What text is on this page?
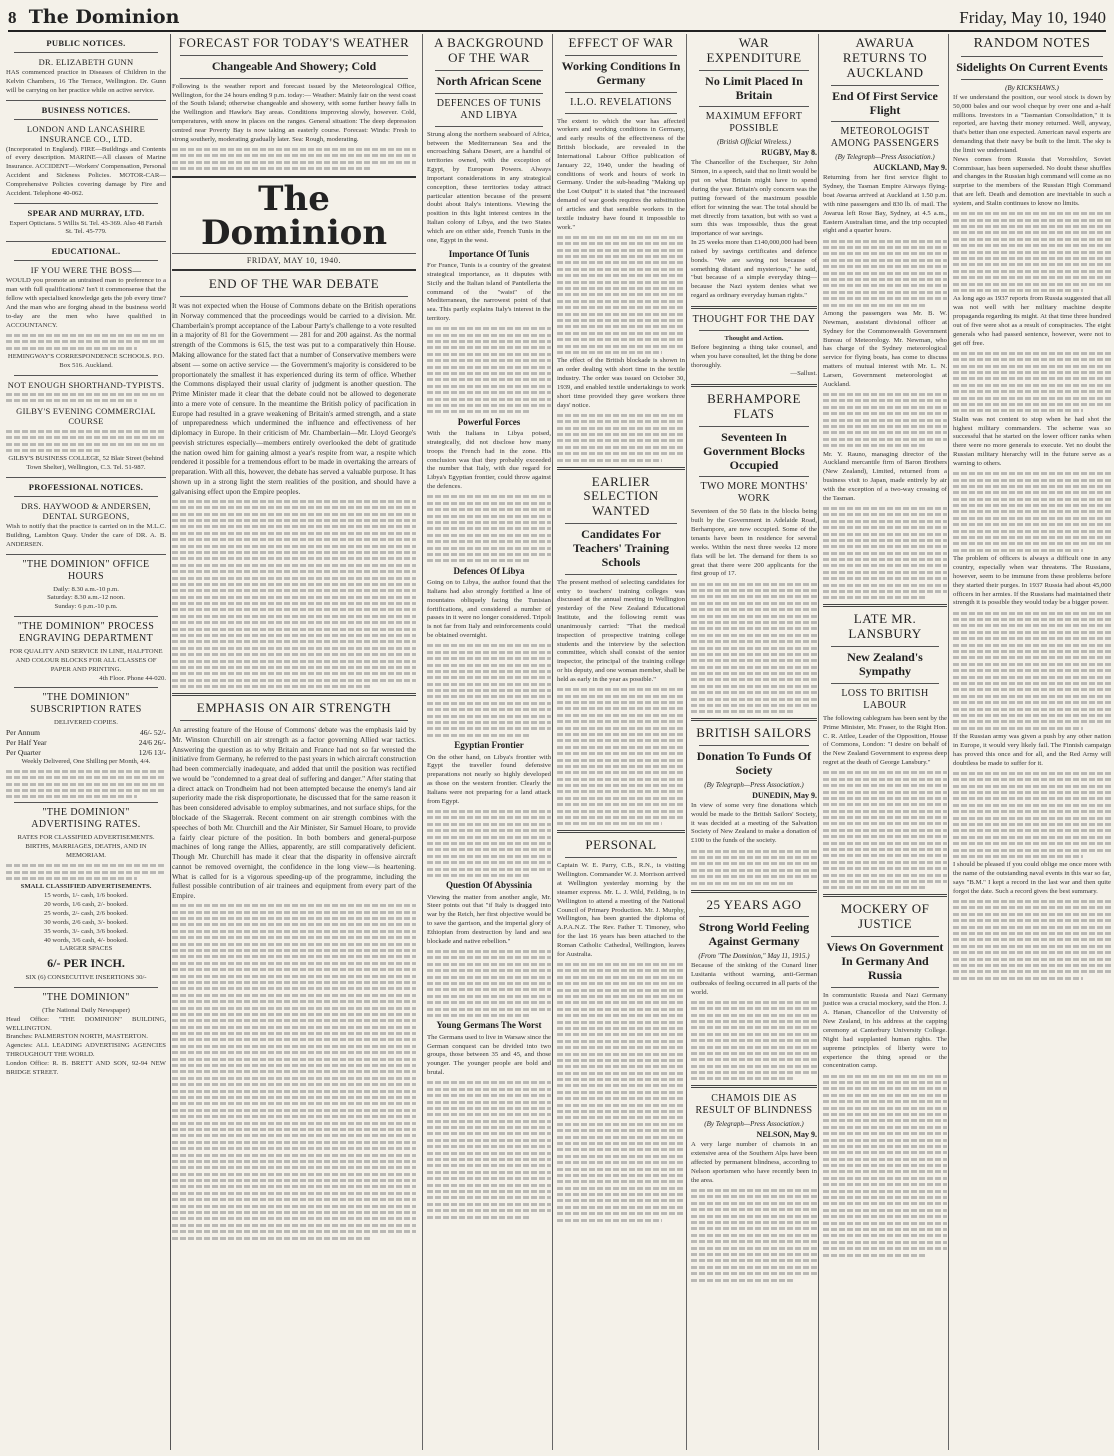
8 The Dominion	Friday, May 10, 1940
PUBLIC NOTICES.
DR. ELIZABETH GUNN
HAS commenced practice in Diseases of Children in the Kelvin Chambers, 16 The Terrace, Wellington. Dr. Gunn will be carrying on her practice while on active service.
BUSINESS NOTICES.
LONDON AND LANCASHIRE INSURANCE CO., LTD.
(Incorporated in England). FIRE—Buildings and Contents of every description. MARINE—All classes of Marine Insurance. ACCIDENT—Workers' Compensation, Personal Accident and Sickness Policies. MOTOR-CAR—Comprehensive Policies covering damage by Fire and Accident. Telephone 40-062.
SPEAR AND MURRAY, LTD.
Expert Opticians. 5 Willis St. Tel. 43-369. Also 48 Farish St. Tel. 45-779.
EDUCATIONAL.
IF YOU WERE THE BOSS—
WOULD you promote an untrained man to preference to a man with full qualifications? Isn't it commonsense that the fellow with specialised knowledge gets the job every time? And the man who are forging ahead in the business world to-day are the men who have qualified in ACCOUNTANCY.
HEMINGWAY'S CORRESPONDENCE SCHOOLS. P.O. Box 516. Auckland.
NOT ENOUGH SHORTHAND-TYPISTS.
GILBY'S EVENING COMMERCIAL COURSE
GILBY'S BUSINESS COLLEGE, 52 Blair Street (behind Town Shelter), Wellington, C.3. Tel. 51-987.
PROFESSIONAL NOTICES.
DRS. HAYWOOD & ANDERSEN, DENTAL SURGEONS,
Wish to notify that the practice is carried on in the M.L.C. Building, Lambton Quay. Under the care of DR. A. B. ANDERSEN.
"THE DOMINION" OFFICE HOURS
Daily: 8.30 a.m.-10 p.m.
Saturday: 8.30 a.m.-12 noon.
Sunday: 6 p.m.-10 p.m.
"THE DOMINION" PROCESS ENGRAVING DEPARTMENT
FOR QUALITY AND SERVICE IN LINE, HALFTONE AND COLOUR BLOCKS FOR ALL CLASSES OF PAPER AND PRINTING.
4th Floor. Phone 44-020.
"THE DOMINION" SUBSCRIPTION RATES
DELIVERED COPIES.
Per Annum	46/- 52/-
Per Half Year	24/6 26/-
Per Quarter	12/6 13/-
Weekly Delivered, One Shilling per Month, 4/4.
"THE DOMINION" ADVERTISING RATES.
RATES FOR CLASSIFIED ADVERTISEMENTS.
BIRTHS, MARRIAGES, DEATHS, AND IN MEMORIAM.
SMALL CLASSIFIED ADVERTISEMENTS.
15 words, 1/- cash, 1/6 booked.
20 words, 1/6 cash, 2/- booked.
25 words, 2/- cash, 2/6 booked.
30 words, 2/6 cash, 3/- booked.
35 words, 3/- cash, 3/6 booked.
40 words, 3/6 cash, 4/- booked.
LARGER SPACES
6/- PER INCH.
SIX (6) CONSECUTIVE INSERTIONS 30/-
"THE DOMINION"
(The National Daily Newspaper)
Head Office: "THE DOMINION" BUILDING, WELLINGTON.
Branches: PALMERSTON NORTH, MASTERTON.
Agencies: ALL LEADING ADVERTISING AGENCIES THROUGHOUT THE WORLD.
London Office: R. B. BRETT AND SON, 92-94 NEW BRIDGE STREET.
FORECAST FOR TODAY'S WEATHER
Changeable And Showery; Cold
Following is the weather report and forecast issued by the Meteorological Office, Wellington, for the 24 hours ending 9 p.m. today:— Weather: Mainly fair on the west coast of the South Island; otherwise changeable and showery, with some further heavy falls in the Wellington and Hawke's Bay areas. Conditions improving slowly, however. Cold, temperatures, with snow in places on the ranges. General situation: The deep depression centred near Poverty Bay is now taking an easterly course. Forecast: Winds: Fresh to strong southerly, moderating gradually later. Sea: Rough, moderating.
The Dominion
FRIDAY, MAY 10, 1940.
END OF THE WAR DEBATE
It was not expected when the House of Commons debate on the British operations in Norway commenced that the proceedings would be carried to a division. Mr. Chamberlain's prompt acceptance of the Labour Party's challenge to a vote resulted in a majority of 81 for the Government — 281 for and 200 against. As the normal strength of the Commons is 615, the test was put to a comparatively thin House. Making allowance for the stated fact that a number of Conservative members were absent — some on active service — the Government's majority is considered to be proportionately the smallest it has experienced during its term of office. Whether the Commons displayed their usual clarity of judgment is another question. The Prime Minister made it clear that the debate could not be allowed to degenerate into a mere vote of censure. In the meantime the British policy of pacification in Europe had resulted in a grave weakening of Britain's armed strength, and a state of unpreparedness which undermined the influence and effectiveness of her diplomacy in Europe. In their criticism of Mr. Chamberlain—Mr. Lloyd George's peevish strictures especially—members entirely overlooked the debt of gratitude the nation owed him for gaining almost a year's respite from war, a respite which rendered it possible for a tremendous effort to be made in overtaking the arrears of preparation. With all this, however, the debate has served a valuable purpose. It has shown up in a strong light the stern realities of the position, and should have a galvanising effect upon the Empire peoples.
EMPHASIS ON AIR STRENGTH
An arresting feature of the House of Commons' debate was the emphasis laid by Mr. Winston Churchill on air strength as a factor governing Allied war tactics. Answering the question as to why Britain and France had not so far wrested the initiative from Germany, he referred to the past years in which aircraft construction had been commercially inadequate, and added that until the position was rectified we would be "condemned to a great deal of suffering and danger." After stating that a direct attack on Trondheim had not been attempted because the enemy's land air superiority made the risk disproportionate, he discussed that for the same reason it has been considered advisable to employ submarines, and not surface ships, for the blockade of the Skagerrak. Recent comment on air strength combines with the speeches of both Mr. Churchill and the Air Minister, Sir Samuel Hoare, to provide a fairly clear picture of the position. In both bombers and general-purpose machines of long range the Allies, apparently, are still comparatively deficient. Though Mr. Churchill has made it clear that the disparity in offensive aircraft cannot be removed overnight, the confidence in the long view—is heartening. What is called for is a vigorous speeding-up of the programme, including the fullest possible contribution of air trainees and equipment from every part of the Empire.
A BACKGROUND OF THE WAR
North African Scene
DEFENCES OF TUNIS AND LIBYA
Strung along the northern seaboard of Africa, between the Mediterranean Sea and the encroaching Sahara Desert, are a handful of territories owned, with the exception of Egypt, by European Powers. Always important considerations in any strategical conception, these territories today attract particular attention because of the present doubt about Italy's intentions. Viewing the position in this light interest centres in the Italian colony of Libya, and the two States which are on either side, French Tunis in the one, Egypt in the west.
Importance Of Tunis
For France, Tunis is a country of the greatest strategical importance, as it disputes with Sicily and the Italian island of Pantelleria the command of the "waist" of the Mediterranean, the narrowest point of that sea. This partly explains Italy's interest in the territory.
Powerful Forces
With the Italians in Libya poised, strategically, did not disclose how many troops the French had in the zone. His conclusion was that they probably exceeded the number that Italy, with due regard for Libya's Egyptian frontier, could throw against the defences.
Defences Of Libya
Going on to Libya, the author found that the Italians had also strongly fortified a line of mountains obliquely facing the Tunisian fortifications, and considered a number of passes in it were no longer considered. Tripoli is not far from Italy and reinforcements could be obtained overnight.
Egyptian Frontier
On the other hand, on Libya's frontier with Egypt the traveller found defensive preparations not nearly so highly developed as those on the western frontier. Clearly the Italians were not preparing for a land attack from Egypt.
Question Of Abyssinia
Viewing the matter from another angle, Mr. Steer points out that "if Italy is dragged into war by the Reich, her first objective would be to save the garrison, and the imperial glory of Ethiopian from destruction by land and sea blockade and native rebellion."
Young Germans The Worst
The Germans used to live in Warsaw since the German conquest can be divided into two groups, those between 35 and 45, and those younger. The younger people are bold and brutal.
EFFECT OF WAR
Working Conditions In Germany
I.L.O. REVELATIONS
The extent to which the war has affected workers and working conditions in Germany, and early results of the effectiveness of the British blockade, are revealed in the International Labour Office publication of January 22, 1940, under the heading of conditions of work and hours of work in Germany. Under the sub-heading "Making up the Lost Output" it is stated that "the increased demand of war goods requires the substitution of articles and that sensible workers in the textile industry have found it impossible to work."
The effect of the British blockade is shown in an order dealing with short time in the textile industry. The order was issued on October 30, 1939, and enabled textile undertakings to work short time provided they gave workers three days' notice.
EARLIER SELECTION WANTED
Candidates For Teachers' Training Schools
The present method of selecting candidates for entry to teachers' training colleges was discussed at the annual meeting in Wellington yesterday of the New Zealand Educational Institute, and the following remit was unanimously carried: "That the medical inspection of prospective training college students and the interview by the selection committee, which shall consist of the senior inspector, the principal of the training college or his deputy, and one woman member, shall be held as early in the year as possible."
PERSONAL
Captain W. E. Parry, C.B., R.N., is visiting Wellington. Commander W. J. Morrison arrived at Wellington yesterday morning by the steamer express. Mr. L. J. Wild, Feilding, is in Wellington to attend a meeting of the National Council of Primary Production. Mr. J. Murphy, Wellington, has been granted the diploma of A.P.A.N.Z. The Rev. Father T. Timoney, who for the last 16 years has been attached to the Roman Catholic Cathedral, Wellington, leaves for Australia.
WAR EXPENDITURE
No Limit Placed In Britain
MAXIMUM EFFORT POSSIBLE
(British Official Wireless.)
RUGBY, May 8.
The Chancellor of the Exchequer, Sir John Simon, in a speech, said that no limit would be put on what Britain might have to spend during the year. Britain's only concern was the putting forward of the maximum possible effort for winning the war. The total should be met directly from taxation, but with so vast a sum this was impossible, thus the great importance of war savings.
In 25 weeks more than £140,000,000 had been raised by savings certificates and defence bonds. "We are saving not because of something distant and mysterious," he said, "but because of a simple everyday thing—because the Nazi system denies what we regard as ordinary everyday human rights."
THOUGHT FOR THE DAY
Thought and Action.
Before beginning a thing take counsel, and when you have consulted, let the thing be done thoroughly.
—Sallust.
BERHAMPORE FLATS
Seventeen In Government Blocks Occupied
TWO MORE MONTHS' WORK
Seventeen of the 50 flats in the blocks being built by the Government in Adelaide Road, Berhampore, are now occupied. Some of the tenants have been in residence for several weeks. Within the next three weeks 12 more flats will be let. The demand for them is so great that there were 200 applicants for the first group of 17.
BRITISH SAILORS
Donation To Funds Of Society
(By Telegraph—Press Association.)
DUNEDIN, May 9.
In view of some very fine donations which would be made to the British Sailors' Society, it was decided at a meeting of the Salvation Society of New Zealand to make a donation of £100 to the funds of the society.
25 YEARS AGO
Strong World Feeling Against Germany
(From "The Dominion," May 11, 1915.)
Because of the sinking of the Cunard liner Lusitania without warning, anti-German outbreaks of feeling occurred in all parts of the world.
CHAMOIS DIE AS RESULT OF BLINDNESS
(By Telegraph—Press Association.)
NELSON, May 9.
A very large number of chamois in an extensive area of the Southern Alps have been affected by permanent blindness, according to Nelson sportsmen who have recently been in the area.
AWARUA RETURNS TO AUCKLAND
End Of First Service Flight
METEOROLOGIST AMONG PASSENGERS
(By Telegraph—Press Association.)
AUCKLAND, May 9.
Returning from her first service flight to Sydney, the Tasman Empire Airways flying-boat Awarua arrived at Auckland at 1.50 p.m. with nine passengers and 830 lb. of mail. The Awarua left Rose Bay, Sydney, at 4.5 a.m., Eastern Australian time, and the trip occupied eight and a quarter hours.
Among the passengers was Mr. B. W. Newman, assistant divisional officer at Sydney for the Commonwealth Government Bureau of Meteorology. Mr. Newman, who has charge of the Sydney meteorological service for flying boats, has come to discuss matters of mutual interest with Mr. L. N. Larsen, Government meteorologist at Auckland.
Mr. Y. Rauno, managing director of the Auckland mercantile firm of Baron Brothers (New Zealand), Limited, returned from a business visit to Japan, made entirely by air with the exception of a two-way crossing of the Tasman.
LATE MR. LANSBURY
New Zealand's Sympathy
LOSS TO BRITISH LABOUR
The following cablegram has been sent by the Prime Minister, Mr. Fraser, to the Right Hon. C. R. Attlee, Leader of the Opposition, House of Commons, London: "I desire on behalf of the New Zealand Government to express deep regret at the death of George Lansbury."
MOCKERY OF JUSTICE
Views On Government In Germany And Russia
In communistic Russia and Nazi Germany justice was a crucial mockery, said the Hon. J. A. Hanan, Chancellor of the University of New Zealand, in his address at the capping ceremony at Canterbury University College. Night had supplanted human rights. The supreme principles of liberty were to experience the thing spread or the concentration camp.
RANDOM NOTES
Sidelights On Current Events
(By KICKSHAWS.)
If we understand the position, our wool stock is down by 50,000 bales and our wool cheque by over one and a-half millions. Investors in a "Tasmanian Consolidation," it is reported, are having their money returned. Well, anyway, that's better than one expected. American naval experts are demanding that their navy be built to the limit. The sky is the limit we understand.
News comes from Russia that Voroshilov, Soviet Commissar, has been superseded. No doubt these shuffles and changes in the Russian high command will come as no surprise to the members of the Russian High Command that are left. Death and demotion are inevitable in such a system, and Stalin continues to know no limits.
As long ago as 1937 reports from Russia suggested that all was not well with her military machine despite propaganda regarding its might. At that time three hundred out of five were shot as a result of conspiracies. The eight generals who had passed sentence, however, were not to get off free.
Stalin was not content to stop when he had shot the highest military commanders. The scheme was so successful that he started on the lower officer ranks when there were no more generals to execute. Yet no doubt the Russian military hierarchy will in the future serve as a warning to others.
The problem of officers is always a difficult one in any country, especially when war threatens. The Russians, however, seem to be immune from these problems before they started their purges. In 1937 Russia had about 45,000 officers in her armies. If the Russians had maintained their strength it is possible they would today be a bigger power.
If the Russian army was given a push by any other nation in Europe, it would very likely fail. The Finnish campaign has proved this once and for all, and the Red Army will doubtless be made to suffer for it.
I should be pleased if you could oblige me once more with the name of the outstanding naval events in this war so far, says "B.M." I kept a record in the last war and then quite forgot the date. Such a record gives the best summary.
